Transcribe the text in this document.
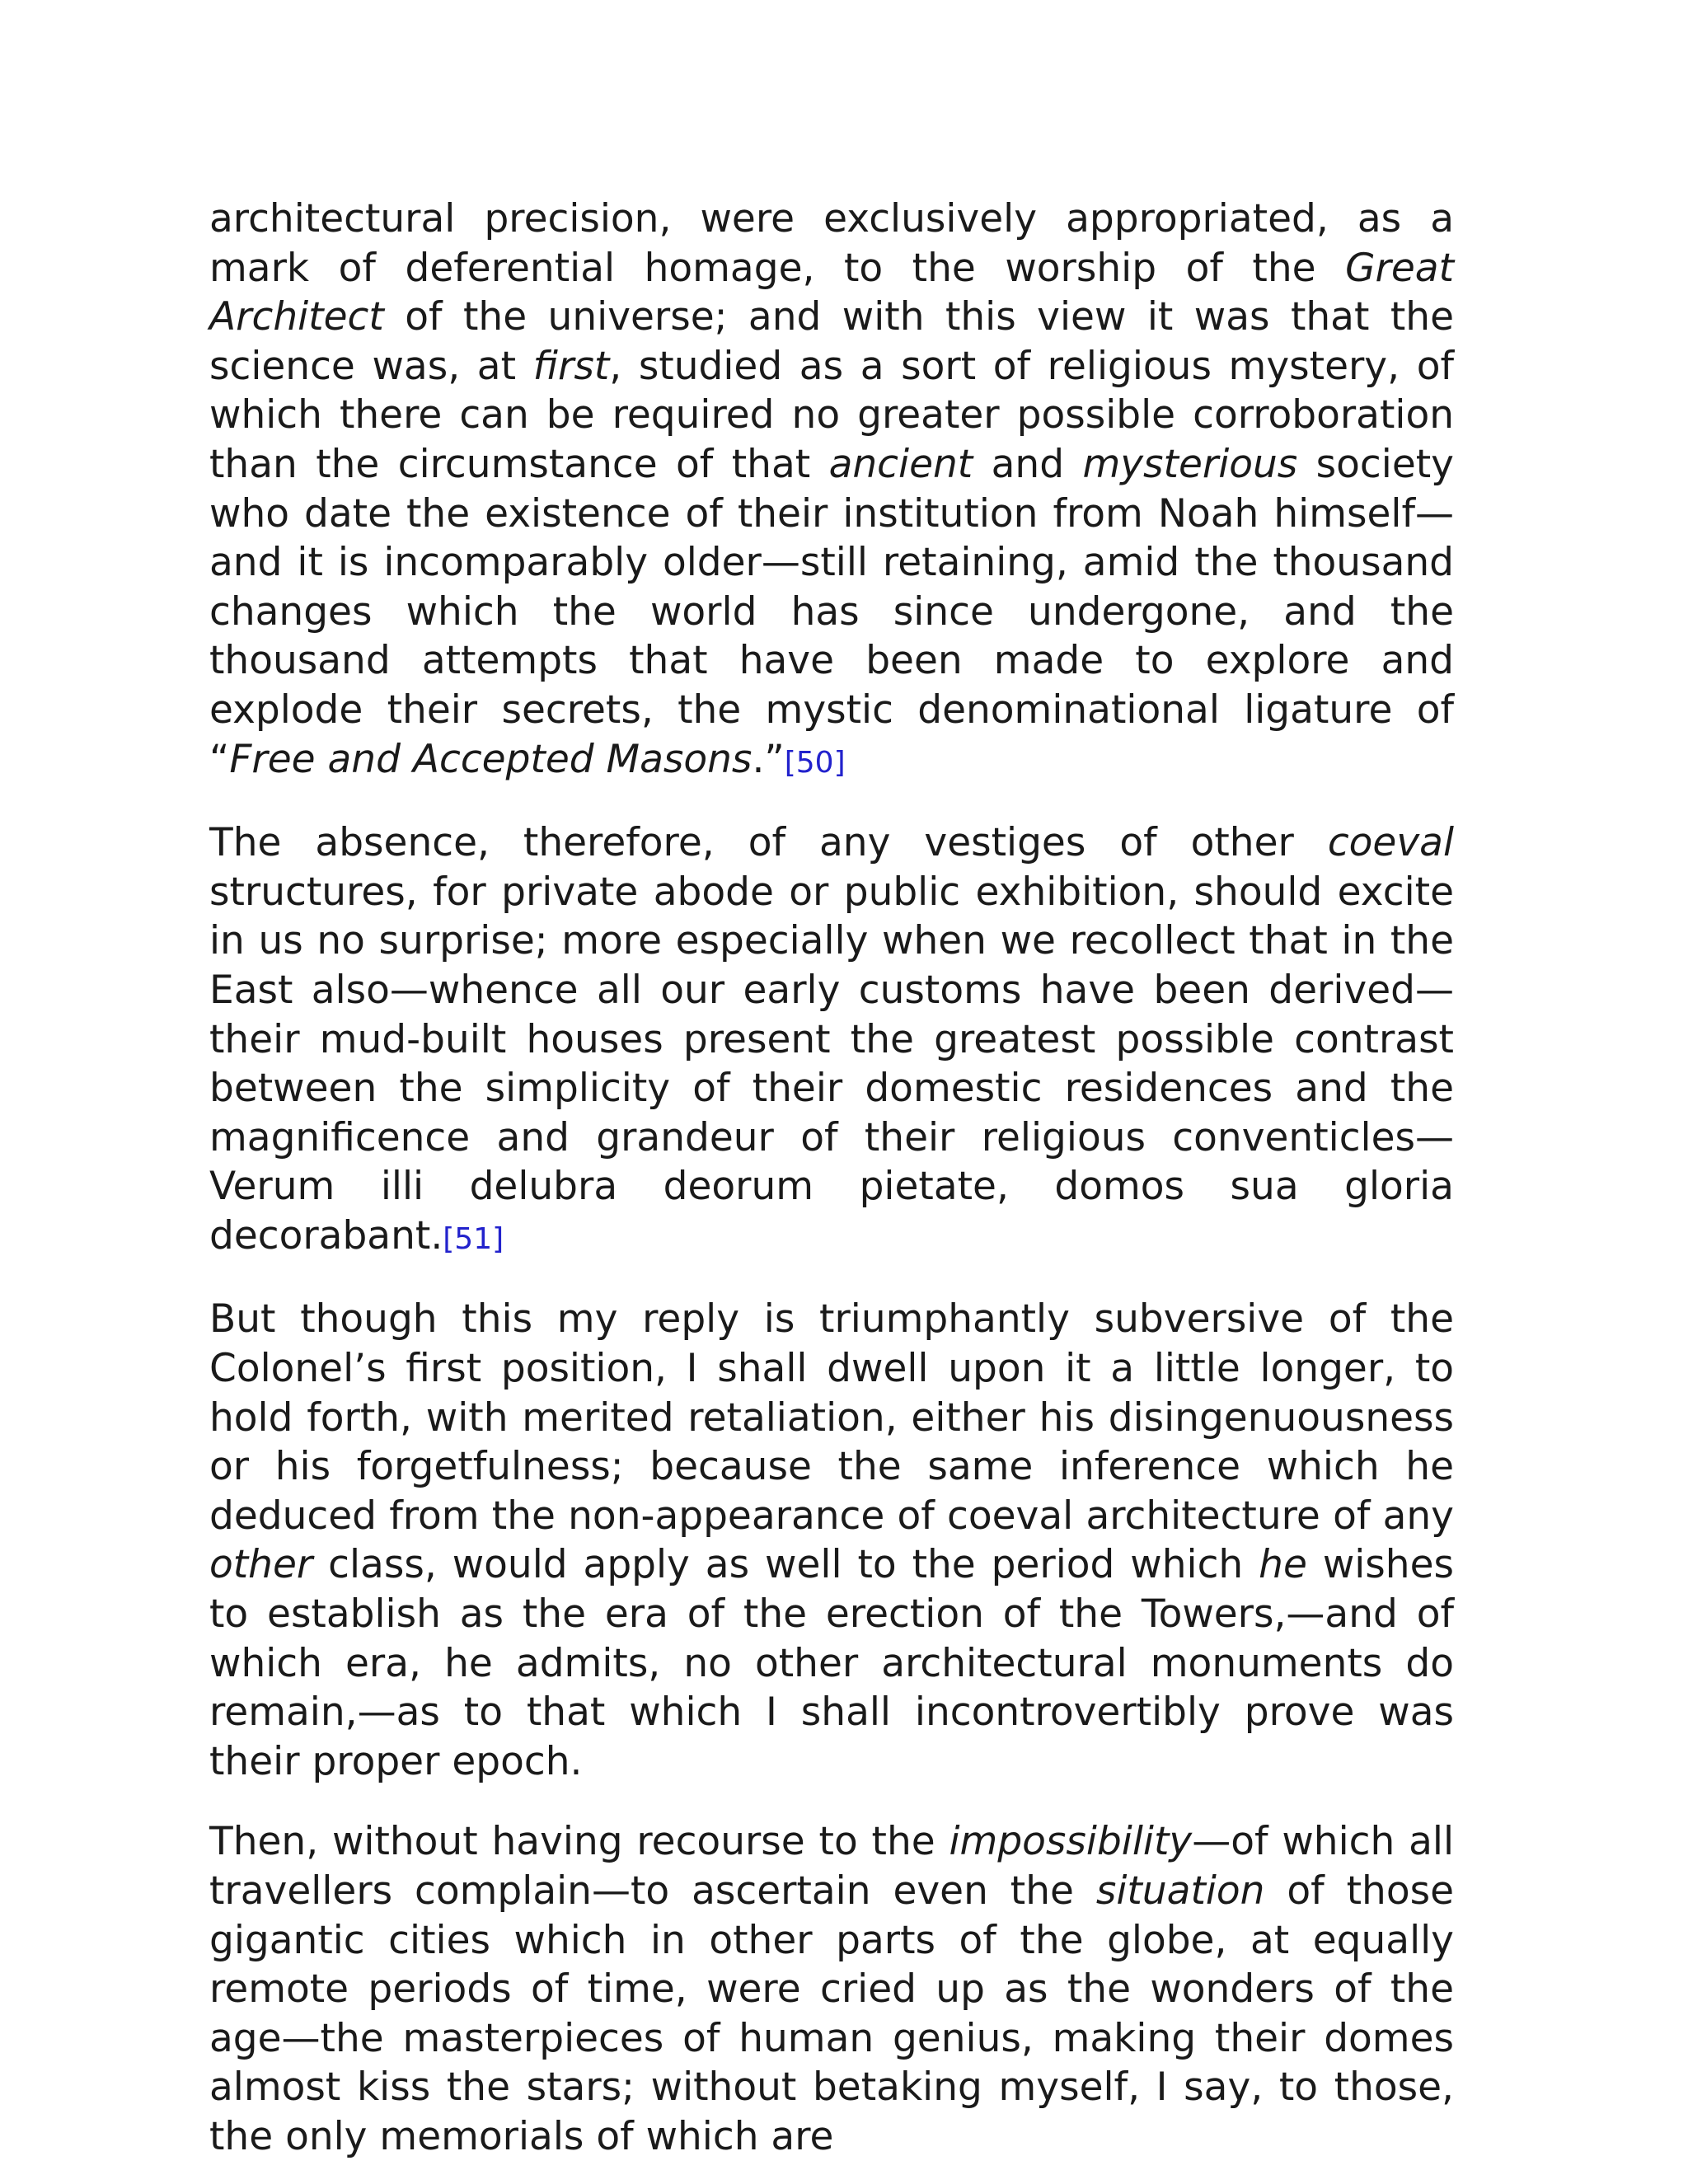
architectural precision, were exclusively appropriated, as a mark of deferential homage, to the worship of the Great Architect of the universe; and with this view it was that the science was, at first, studied as a sort of religious mystery, of which there can be required no greater possible corroboration than the circumstance of that ancient and mysterious society who date the existence of their institution from Noah himself—and it is incomparably older—still retaining, amid the thousand changes which the world has since undergone, and the thousand attempts that have been made to explore and explode their secrets, the mystic denominational ligature of “Free and Accepted Masons.”[50]

The absence, therefore, of any vestiges of other coeval structures, for private abode or public exhibition, should excite in us no surprise; more especially when we recollect that in the East also—whence all our early customs have been derived—their mud-built houses present the greatest possible contrast between the simplicity of their domestic residences and the magnificence and grandeur of their religious conventicles—Verum illi delubra deorum pietate, domos sua gloria decorabant.[51]

But though this my reply is triumphantly subversive of the Colonel’s first position, I shall dwell upon it a little longer, to hold forth, with merited retaliation, either his disingenuousness or his forgetfulness; because the same inference which he deduced from the non-appearance of coeval architecture of any other class, would apply as well to the period which he wishes to establish as the era of the erection of the Towers,—and of which era, he admits, no other architectural monuments do remain,—as to that which I shall incontrovertibly prove was their proper epoch.

Then, without having recourse to the impossibility—of which all travellers complain—to ascertain even the situation of those gigantic cities which in other parts of the globe, at equally remote periods of time, were cried up as the wonders of the age—the masterpieces of human genius, making their domes almost kiss the stars; without betaking myself, I say, to those, the only memorials of which are
